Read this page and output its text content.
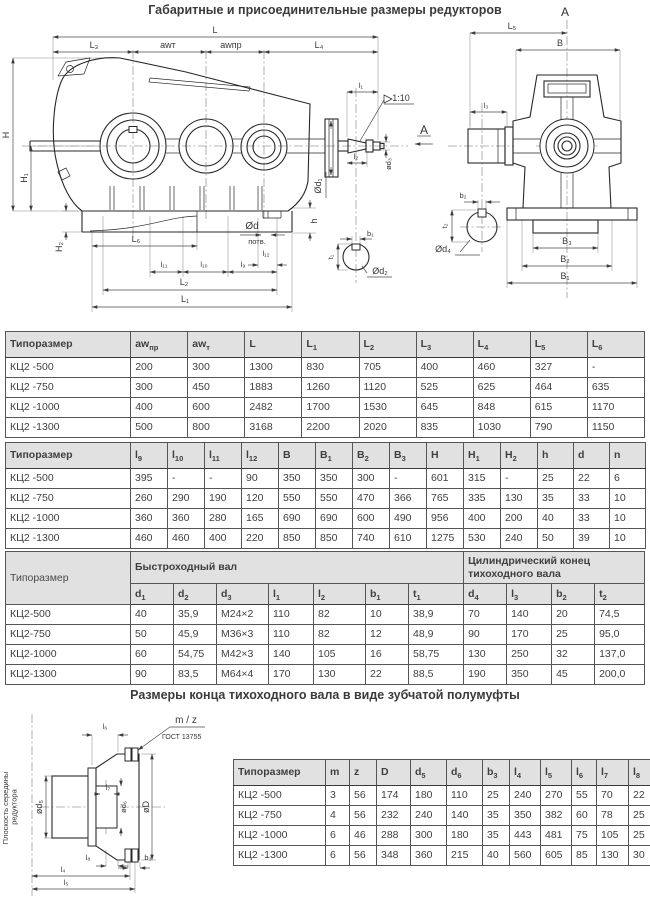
Габаритные и присоединительные размеры редукторов
L
L₃	awт	awпр	L₄
H
H₁
H₂
L₆
l₁₁	l₁₀	l₉
l₁₂
L₂
L₁
Ød
потв.
h
l₁
1:10
l₂
ød₃
Ød₁
b₁
t₁
Ød₂
A
A
L₅
B
l₃
b₂
t₂
Ød₄
B₃
B₂
B₁
Типоразмер	$aw_{пр}$	$aw_т$	L	$L_1$	$L_2$	$L_3$	$L_4$	$L_5$	$L_6$
КЦ2 -500	200	300	1300	830	705	400	460	327	-
КЦ2 -750	300	450	1883	1260	1120	525	625	464	635
КЦ2 -1000	400	600	2482	1700	1530	645	848	615	1170
КЦ2 -1300	500	800	3168	2200	2020	835	1030	790	1150
Типоразмер	$l_9$	$l_{10}$	$l_{11}$	$l_{12}$	B	$B_1$	$B_2$	$B_3$	H	$H_1$	$H_2$	h	d	n
КЦ2 -500	395	-	-	90	350	350	300	-	601	315	-	25	22	6
КЦ2 -750	260	290	190	120	550	550	470	366	765	335	130	35	33	10
КЦ2 -1000	360	360	280	165	690	690	600	490	956	400	200	40	33	10
КЦ2 -1300	460	460	400	220	850	850	740	610	1275	530	240	50	39	10
Типоразмер	Быстроходный вал							Цилиндрический конец тихоходного вала			
	$d_1$	$d_2$	$d_3$	$l_1$	$l_2$	$b_1$	$t_1$	$d_4$	$l_3$	$b_2$	$t_2$
КЦ2-500	40	35,9	М24×2	110	82	10	38,9	70	140	20	74,5
КЦ2-750	50	45,9	М36×3	110	82	12	48,9	90	170	25	95,0
КЦ2-1000	60	54,75	М42×3	140	105	16	58,75	130	250	32	137,0
КЦ2-1300	90	83,5	М64×4	170	130	22	88,5	190	350	45	200,0
Размеры конца тихоходного вала в виде зубчатой полумуфты
Плоскость середины редуктора ød₅
l₆
m / z
ГОСТ 13755
l₇
ød₆ øD
l₈	b₃
l₄
l₅
Типоразмер	m	z	D	$d_5$	$d_6$	$b_3$	$l_4$	$l_5$	$l_6$	$l_7$	$l_8$
КЦ2 -500	3	56	174	180	110	25	240	270	55	70	22
КЦ2 -750	4	56	232	240	140	35	350	382	60	78	25
КЦ2 -1000	6	46	288	300	180	35	443	481	75	105	25
КЦ2 -1300	6	56	348	360	215	40	560	605	85	130	30
